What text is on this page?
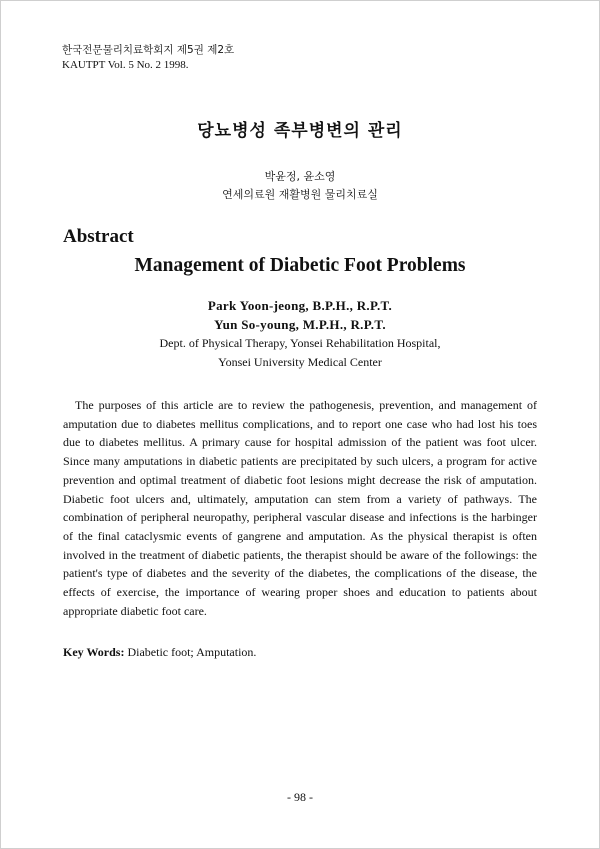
한국전문물리치료학회지 제5권 제2호
KAUTPT Vol. 5 No. 2 1998.
당뇨병성 족부병변의 관리
박윤정, 윤소영
연세의료원 재활병원 물리치료실
Abstract
Management of Diabetic Foot Problems
Park Yoon-jeong, B.P.H., R.P.T.
Yun So-young, M.P.H., R.P.T.
Dept. of Physical Therapy, Yonsei Rehabilitation Hospital,
Yonsei University Medical Center

The purposes of this article are to review the pathogenesis, prevention, and management of amputation due to diabetes mellitus complications, and to report one case who had lost his toes due to diabetes mellitus. A primary cause for hospital admission of the patient was foot ulcer. Since many amputations in diabetic patients are precipitated by such ulcers, a program for active prevention and optimal treatment of diabetic foot lesions might decrease the risk of amputation. Diabetic foot ulcers and, ultimately, amputation can stem from a variety of pathways. The combination of peripheral neuropathy, peripheral vascular disease and infections is the harbinger of the final cataclysmic events of gangrene and amputation. As the physical therapist is often involved in the treatment of diabetic patients, the therapist should be aware of the followings: the patient's type of diabetes and the severity of the diabetes, the complications of the disease, the effects of exercise, the importance of wearing proper shoes and education to patients about appropriate diabetic foot care.

Key Words: Diabetic foot; Amputation.
- 98 -
